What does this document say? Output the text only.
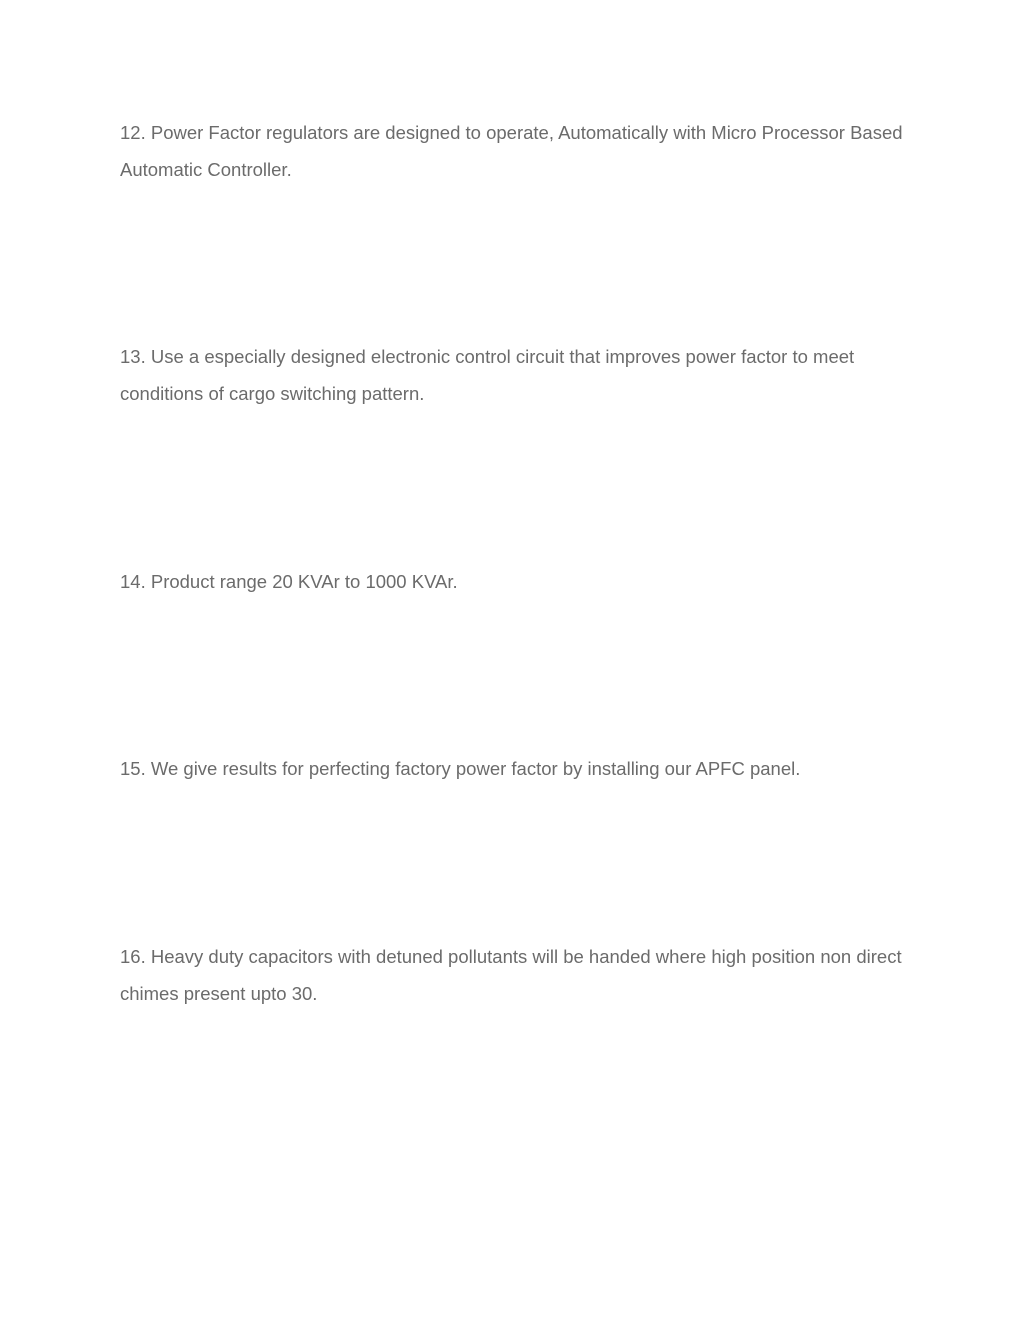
12. Power Factor regulators are designed to operate, Automatically with Micro Processor Based Automatic Controller.

13. Use a especially designed electronic control circuit that improves power factor to meet conditions of cargo switching pattern.

14. Product range 20 KVAr to 1000 KVAr.

15. We give results for perfecting factory power factor by installing our APFC panel.

16. Heavy duty capacitors with detuned pollutants will be handed where high position non direct chimes present upto 30.
